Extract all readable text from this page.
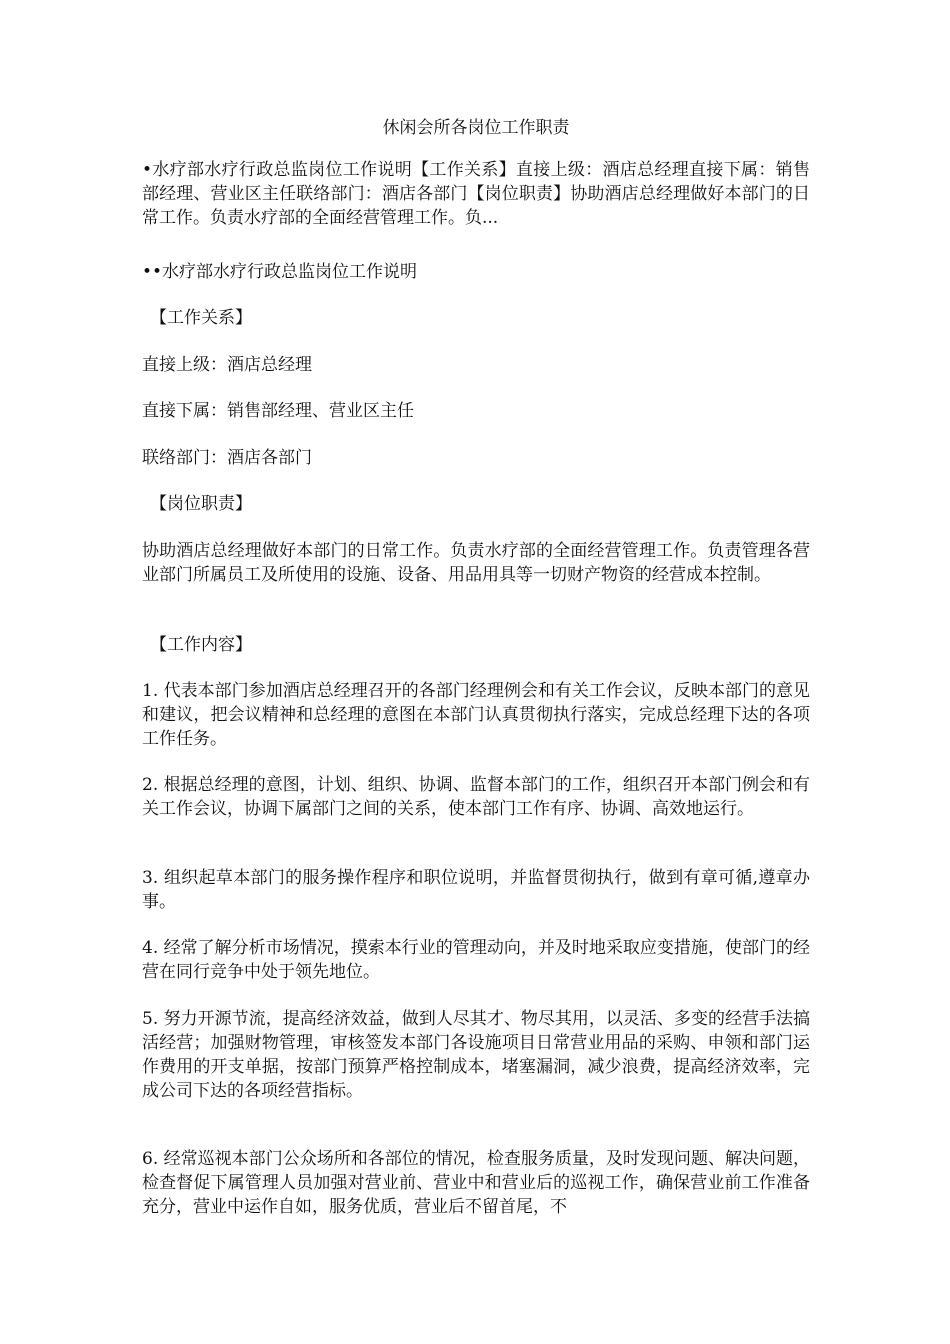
休闲会所各岗位工作职责

•水疗部水疗行政总监岗位工作说明【工作关系】直接上级：酒店总经理直接下属：销售部经理、营业区主任联络部门：酒店各部门【岗位职责】协助酒店总经理做好本部门的日常工作。负责水疗部的全面经营管理工作。负...

••水疗部水疗行政总监岗位工作说明

【工作关系】

直接上级：酒店总经理

直接下属：销售部经理、营业区主任

联络部门：酒店各部门

【岗位职责】

协助酒店总经理做好本部门的日常工作。负责水疗部的全面经营管理工作。负责管理各营业部门所属员工及所使用的设施、设备、用品用具等一切财产物资的经营成本控制。

【工作内容】

1. 代表本部门参加酒店总经理召开的各部门经理例会和有关工作会议，反映本部门的意见和建议，把会议精神和总经理的意图在本部门认真贯彻执行落实，完成总经理下达的各项工作任务。

2. 根据总经理的意图，计划、组织、协调、监督本部门的工作，组织召开本部门例会和有关工作会议，协调下属部门之间的关系，使本部门工作有序、协调、高效地运行。

3. 组织起草本部门的服务操作程序和职位说明，并监督贯彻执行，做到有章可循,遵章办事。

4. 经常了解分析市场情况，摸索本行业的管理动向，并及时地采取应变措施，使部门的经营在同行竞争中处于领先地位。

5. 努力开源节流，提高经济效益，做到人尽其才、物尽其用，以灵活、多变的经营手法搞活经营；加强财物管理，审核签发本部门各设施项目日常营业用品的采购、申领和部门运作费用的开支单据，按部门预算严格控制成本，堵塞漏洞，减少浪费，提高经济效率，完成公司下达的各项经营指标。

6. 经常巡视本部门公众场所和各部位的情况，检查服务质量，及时发现问题、解决问题，检查督促下属管理人员加强对营业前、营业中和营业后的巡视工作，确保营业前工作准备充分，营业中运作自如，服务优质，营业后不留首尾，不
